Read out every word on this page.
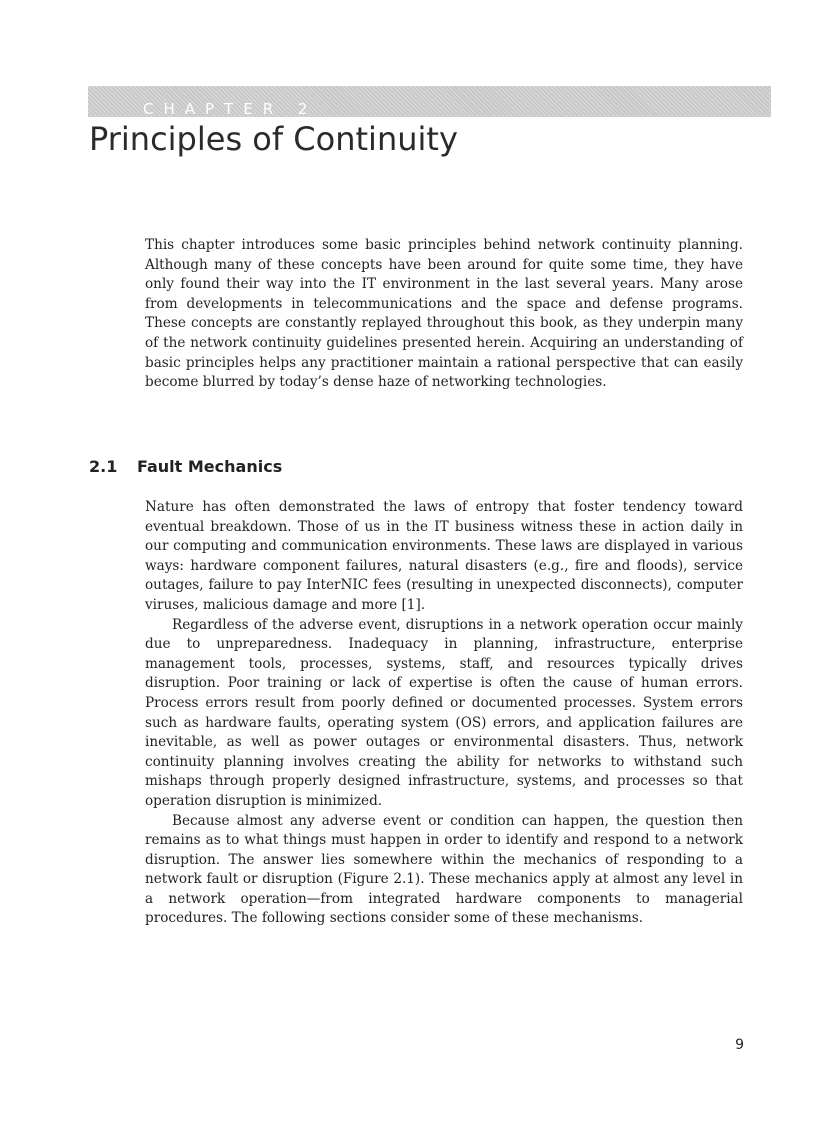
CHAPTER 2
Principles of Continuity

This chapter introduces some basic principles behind network continuity planning. Although many of these concepts have been around for quite some time, they have only found their way into the IT environment in the last several years. Many arose from developments in telecommunications and the space and defense programs. These concepts are constantly replayed throughout this book, as they underpin many of the network continuity guidelines presented herein. Acquiring an understanding of basic principles helps any practitioner maintain a rational perspective that can easily become blurred by today’s dense haze of networking technologies.

2.1 Fault Mechanics

Nature has often demonstrated the laws of entropy that foster tendency toward eventual breakdown. Those of us in the IT business witness these in action daily in our computing and communication environments. These laws are displayed in various ways: hardware component failures, natural disasters (e.g., fire and floods), service outages, failure to pay InterNIC fees (resulting in unexpected disconnects), computer viruses, malicious damage and more [1].

Regardless of the adverse event, disruptions in a network operation occur mainly due to unpreparedness. Inadequacy in planning, infrastructure, enterprise management tools, processes, systems, staff, and resources typically drives disruption. Poor training or lack of expertise is often the cause of human errors. Process errors result from poorly defined or documented processes. System errors such as hardware faults, operating system (OS) errors, and application failures are inevitable, as well as power outages or environmental disasters. Thus, network continuity planning involves creating the ability for networks to withstand such mishaps through properly designed infrastructure, systems, and processes so that operation disruption is minimized.

Because almost any adverse event or condition can happen, the question then remains as to what things must happen in order to identify and respond to a network disruption. The answer lies somewhere within the mechanics of responding to a network fault or disruption (Figure 2.1). These mechanics apply at almost any level in a network operation—from integrated hardware components to managerial procedures. The following sections consider some of these mechanisms.

9
